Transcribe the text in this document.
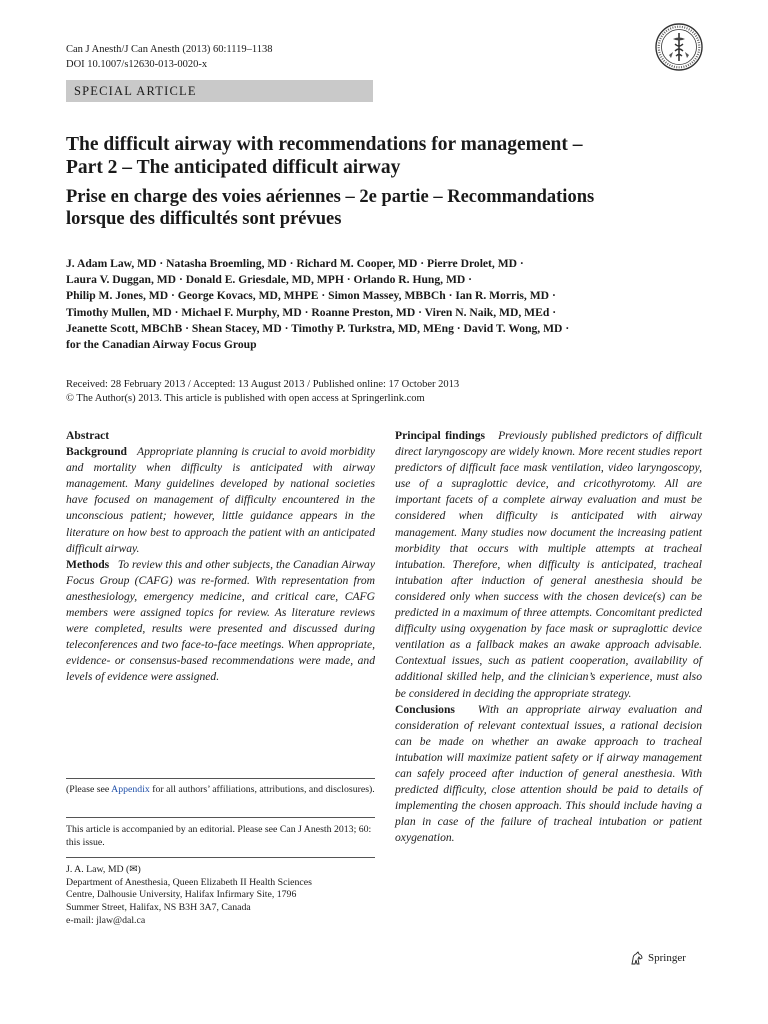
Can J Anesth/J Can Anesth (2013) 60:1119–1138
DOI 10.1007/s12630-013-0020-x
SPECIAL ARTICLE
The difficult airway with recommendations for management –
Part 2 – The anticipated difficult airway
Prise en charge des voies aériennes – 2e partie – Recommandations
lorsque des difficultés sont prévues
J. Adam Law, MD · Natasha Broemling, MD · Richard M. Cooper, MD · Pierre Drolet, MD ·
Laura V. Duggan, MD · Donald E. Griesdale, MD, MPH · Orlando R. Hung, MD ·
Philip M. Jones, MD · George Kovacs, MD, MHPE · Simon Massey, MBBCh · Ian R. Morris, MD ·
Timothy Mullen, MD · Michael F. Murphy, MD · Roanne Preston, MD · Viren N. Naik, MD, MEd ·
Jeanette Scott, MBChB · Shean Stacey, MD · Timothy P. Turkstra, MD, MEng · David T. Wong, MD ·
for the Canadian Airway Focus Group
Received: 28 February 2013 / Accepted: 13 August 2013 / Published online: 17 October 2013
© The Author(s) 2013. This article is published with open access at Springerlink.com

Abstract

Background Appropriate planning is crucial to avoid morbidity and mortality when difficulty is anticipated with airway management. Many guidelines developed by national societies have focused on management of difficulty encountered in the unconscious patient; however, little guidance appears in the literature on how best to approach the patient with an anticipated difficult airway.

Methods To review this and other subjects, the Canadian Airway Focus Group (CAFG) was re-formed. With representation from anesthesiology, emergency medicine, and critical care, CAFG members were assigned topics for review. As literature reviews were completed, results were presented and discussed during teleconferences and two face-to-face meetings. When appropriate, evidence- or consensus-based recommendations were made, and levels of evidence were assigned.

Principal findings Previously published predictors of difficult direct laryngoscopy are widely known. More recent studies report predictors of difficult face mask ventilation, video laryngoscopy, use of a supraglottic device, and cricothyrotomy. All are important facets of a complete airway evaluation and must be considered when difficulty is anticipated with airway management. Many studies now document the increasing patient morbidity that occurs with multiple attempts at tracheal intubation. Therefore, when difficulty is anticipated, tracheal intubation after induction of general anesthesia should be considered only when success with the chosen device(s) can be predicted in a maximum of three attempts. Concomitant predicted difficulty using oxygenation by face mask or supraglottic device ventilation as a fallback makes an awake approach advisable. Contextual issues, such as patient cooperation, availability of additional skilled help, and the clinician’s experience, must also be considered in deciding the appropriate strategy.

Conclusions With an appropriate airway evaluation and consideration of relevant contextual issues, a rational decision can be made on whether an awake approach to tracheal intubation will maximize patient safety or if airway management can safely proceed after induction of general anesthesia. With predicted difficulty, close attention should be paid to details of implementing the chosen approach. This should include having a plan in case of the failure of tracheal intubation or patient oxygenation.

(Please see Appendix for all authors’ affiliations, attributions, and disclosures).
This article is accompanied by an editorial. Please see Can J Anesth 2013; 60: this issue.
J. A. Law, MD (✉)
Department of Anesthesia, Queen Elizabeth II Health Sciences
Centre, Dalhousie University, Halifax Infirmary Site, 1796
Summer Street, Halifax, NS B3H 3A7, Canada
e-mail: jlaw@dal.ca
Springer
